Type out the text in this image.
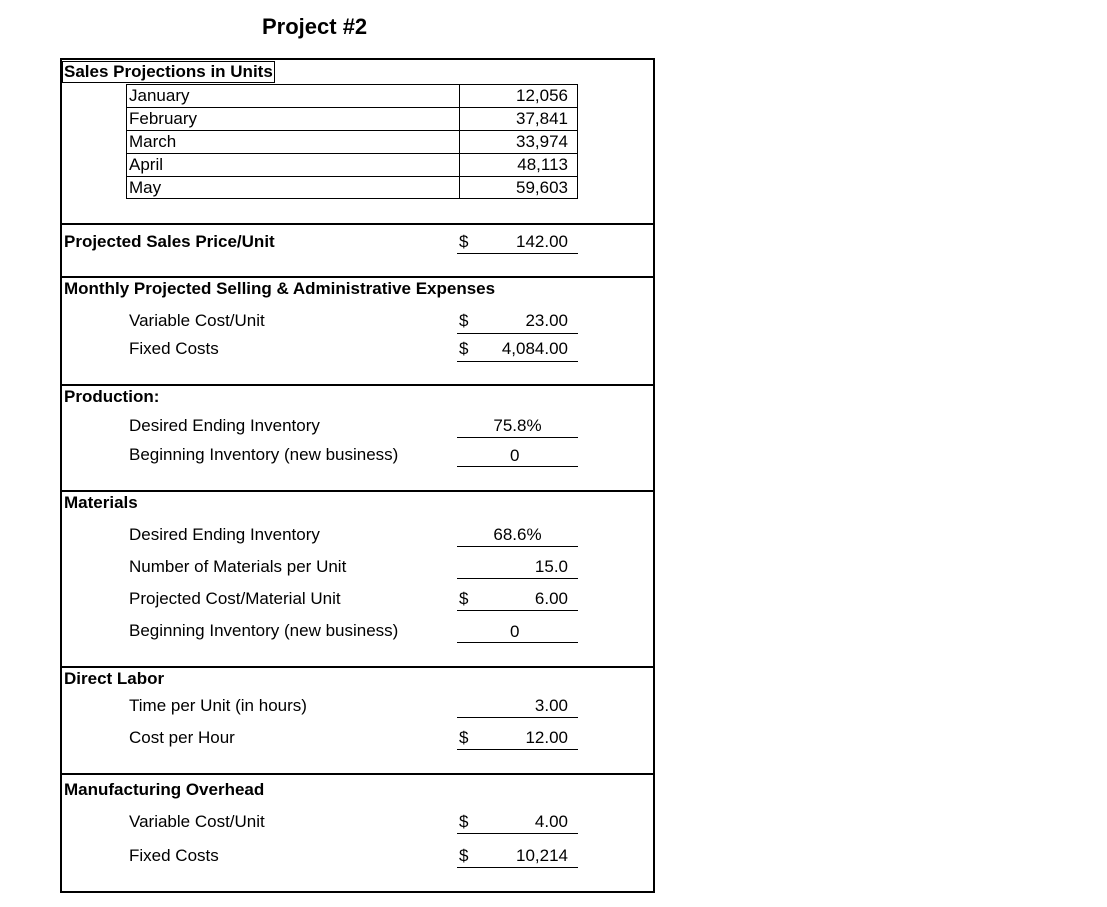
Project #2
Sales Projections in Units
January	12,056
February	37,841
March	33,974
April	48,113
May	59,603
Projected Sales Price/Unit	$	142.00
Monthly Projected Selling & Administrative Expenses
Variable Cost/Unit	$	23.00
Fixed Costs	$	4,084.00
Production:
Desired Ending Inventory	75.8%
Beginning Inventory (new business)	0
Materials
Desired Ending Inventory	68.6%
Number of Materials per Unit	15.0
Projected Cost/Material Unit	$	6.00
Beginning Inventory (new business)	0
Direct Labor
Time per Unit (in hours)	3.00
Cost per Hour	$	12.00
Manufacturing Overhead
Variable Cost/Unit	$	4.00
Fixed Costs	$	10,214
